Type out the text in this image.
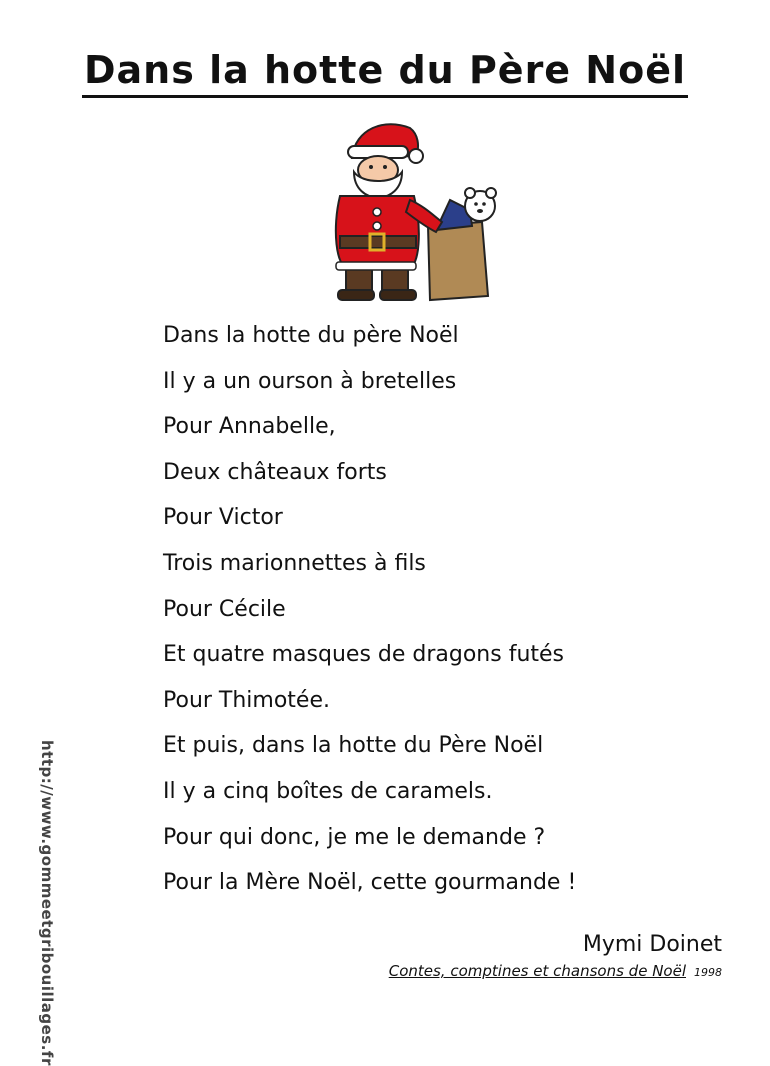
Dans la hotte du Père Noël
Dans la hotte du père Noël
Il y a un ourson à bretelles
Pour Annabelle,
Deux châteaux forts
Pour Victor
Trois marionnettes à fils
Pour Cécile
Et quatre masques de dragons futés
Pour Thimotée.
Et puis, dans la hotte du Père Noël
Il y a cinq boîtes de caramels.
Pour qui donc, je me le demande ?
Pour la Mère Noël, cette gourmande !
Mymi Doinet
Contes, comptines et chansons de Noël 1998
http://www.gommeetgribouillages.fr
